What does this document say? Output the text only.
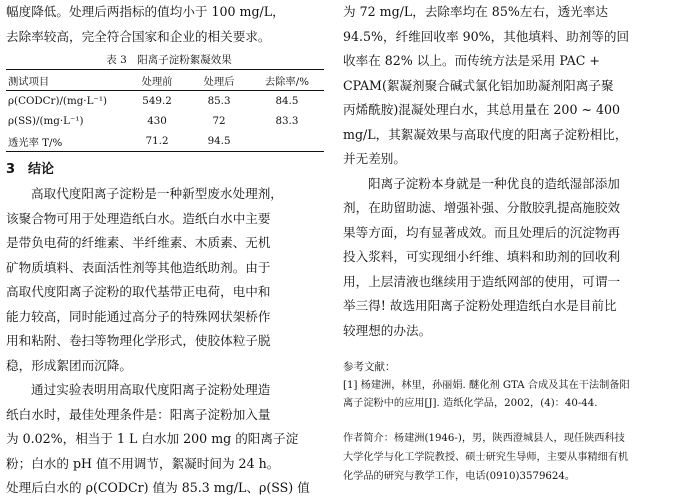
幅度降低。处理后两指标的值均小于 100 mg/L，
去除率较高，完全符合国家和企业的相关要求。
表 3　阳离子淀粉絮凝效果
测试项目	处理前	处理后	去除率/%
ρ(CODCr)/(mg·L⁻¹)	549.2	85.3	84.5
ρ(SS)/(mg·L⁻¹)	430	72	83.3
透光率 T/%	71.2	94.5	
3　结论
高取代度阳离子淀粉是一种新型废水处理剂，
该聚合物可用于处理造纸白水。造纸白水中主要
是带负电荷的纤维素、半纤维素、木质素、无机
矿物质填料、表面活性剂等其他造纸助剂。由于
高取代度阳离子淀粉的取代基带正电荷，电中和
能力较高，同时能通过高分子的特殊网状架桥作
用和粘附、卷扫等物理化学形式，使胶体粒子脱
稳，形成絮团而沉降。
通过实验表明用高取代度阳离子淀粉处理造
纸白水时，最佳处理条件是：阳离子淀粉加入量
为 0.02%，相当于 1 L 白水加 200 mg 的阳离子淀
粉；白水的 pH 值不用调节，絮凝时间为 24 h。
处理后白水的 ρ(CODCr) 值为 85.3 mg/L、ρ(SS) 值
为 72 mg/L，去除率均在 85%左右，透光率达
94.5%，纤维回收率 90%，其他填料、助剂等的回
收率在 82% 以上。而传统方法是采用 PAC +
CPAM(絮凝剂聚合碱式氯化铝加助凝剂阳离子聚
丙烯酰胺)混凝处理白水，其总用量在 200 ~ 400
mg/L，其絮凝效果与高取代度的阳离子淀粉相比，
并无差别。
阳离子淀粉本身就是一种优良的造纸湿部添加
剂，在助留助滤、增强补强、分散胶乳提高施胶效
果等方面，均有显著成效。而且处理后的沉淀物再
投入浆料，可实现细小纤维、填料和助剂的回收利
用，上层清液也继续用于造纸网部的使用，可谓一
举三得! 故选用阳离子淀粉处理造纸白水是目前比
较理想的办法。
参考文献：
[1] 杨建洲，林里，孙丽娟. 醚化剂 GTA 合成及其在干法制备阳
离子淀粉中的应用[J]. 造纸化学品，2002，(4)：40-44.
作者简介：杨建洲(1946-)，男，陕西澄城县人，现任陕西科技
大学化学与化工学院教授、硕士研究生导师，主要从事精细有机
化学品的研究与教学工作，电话(0910)3579624。
